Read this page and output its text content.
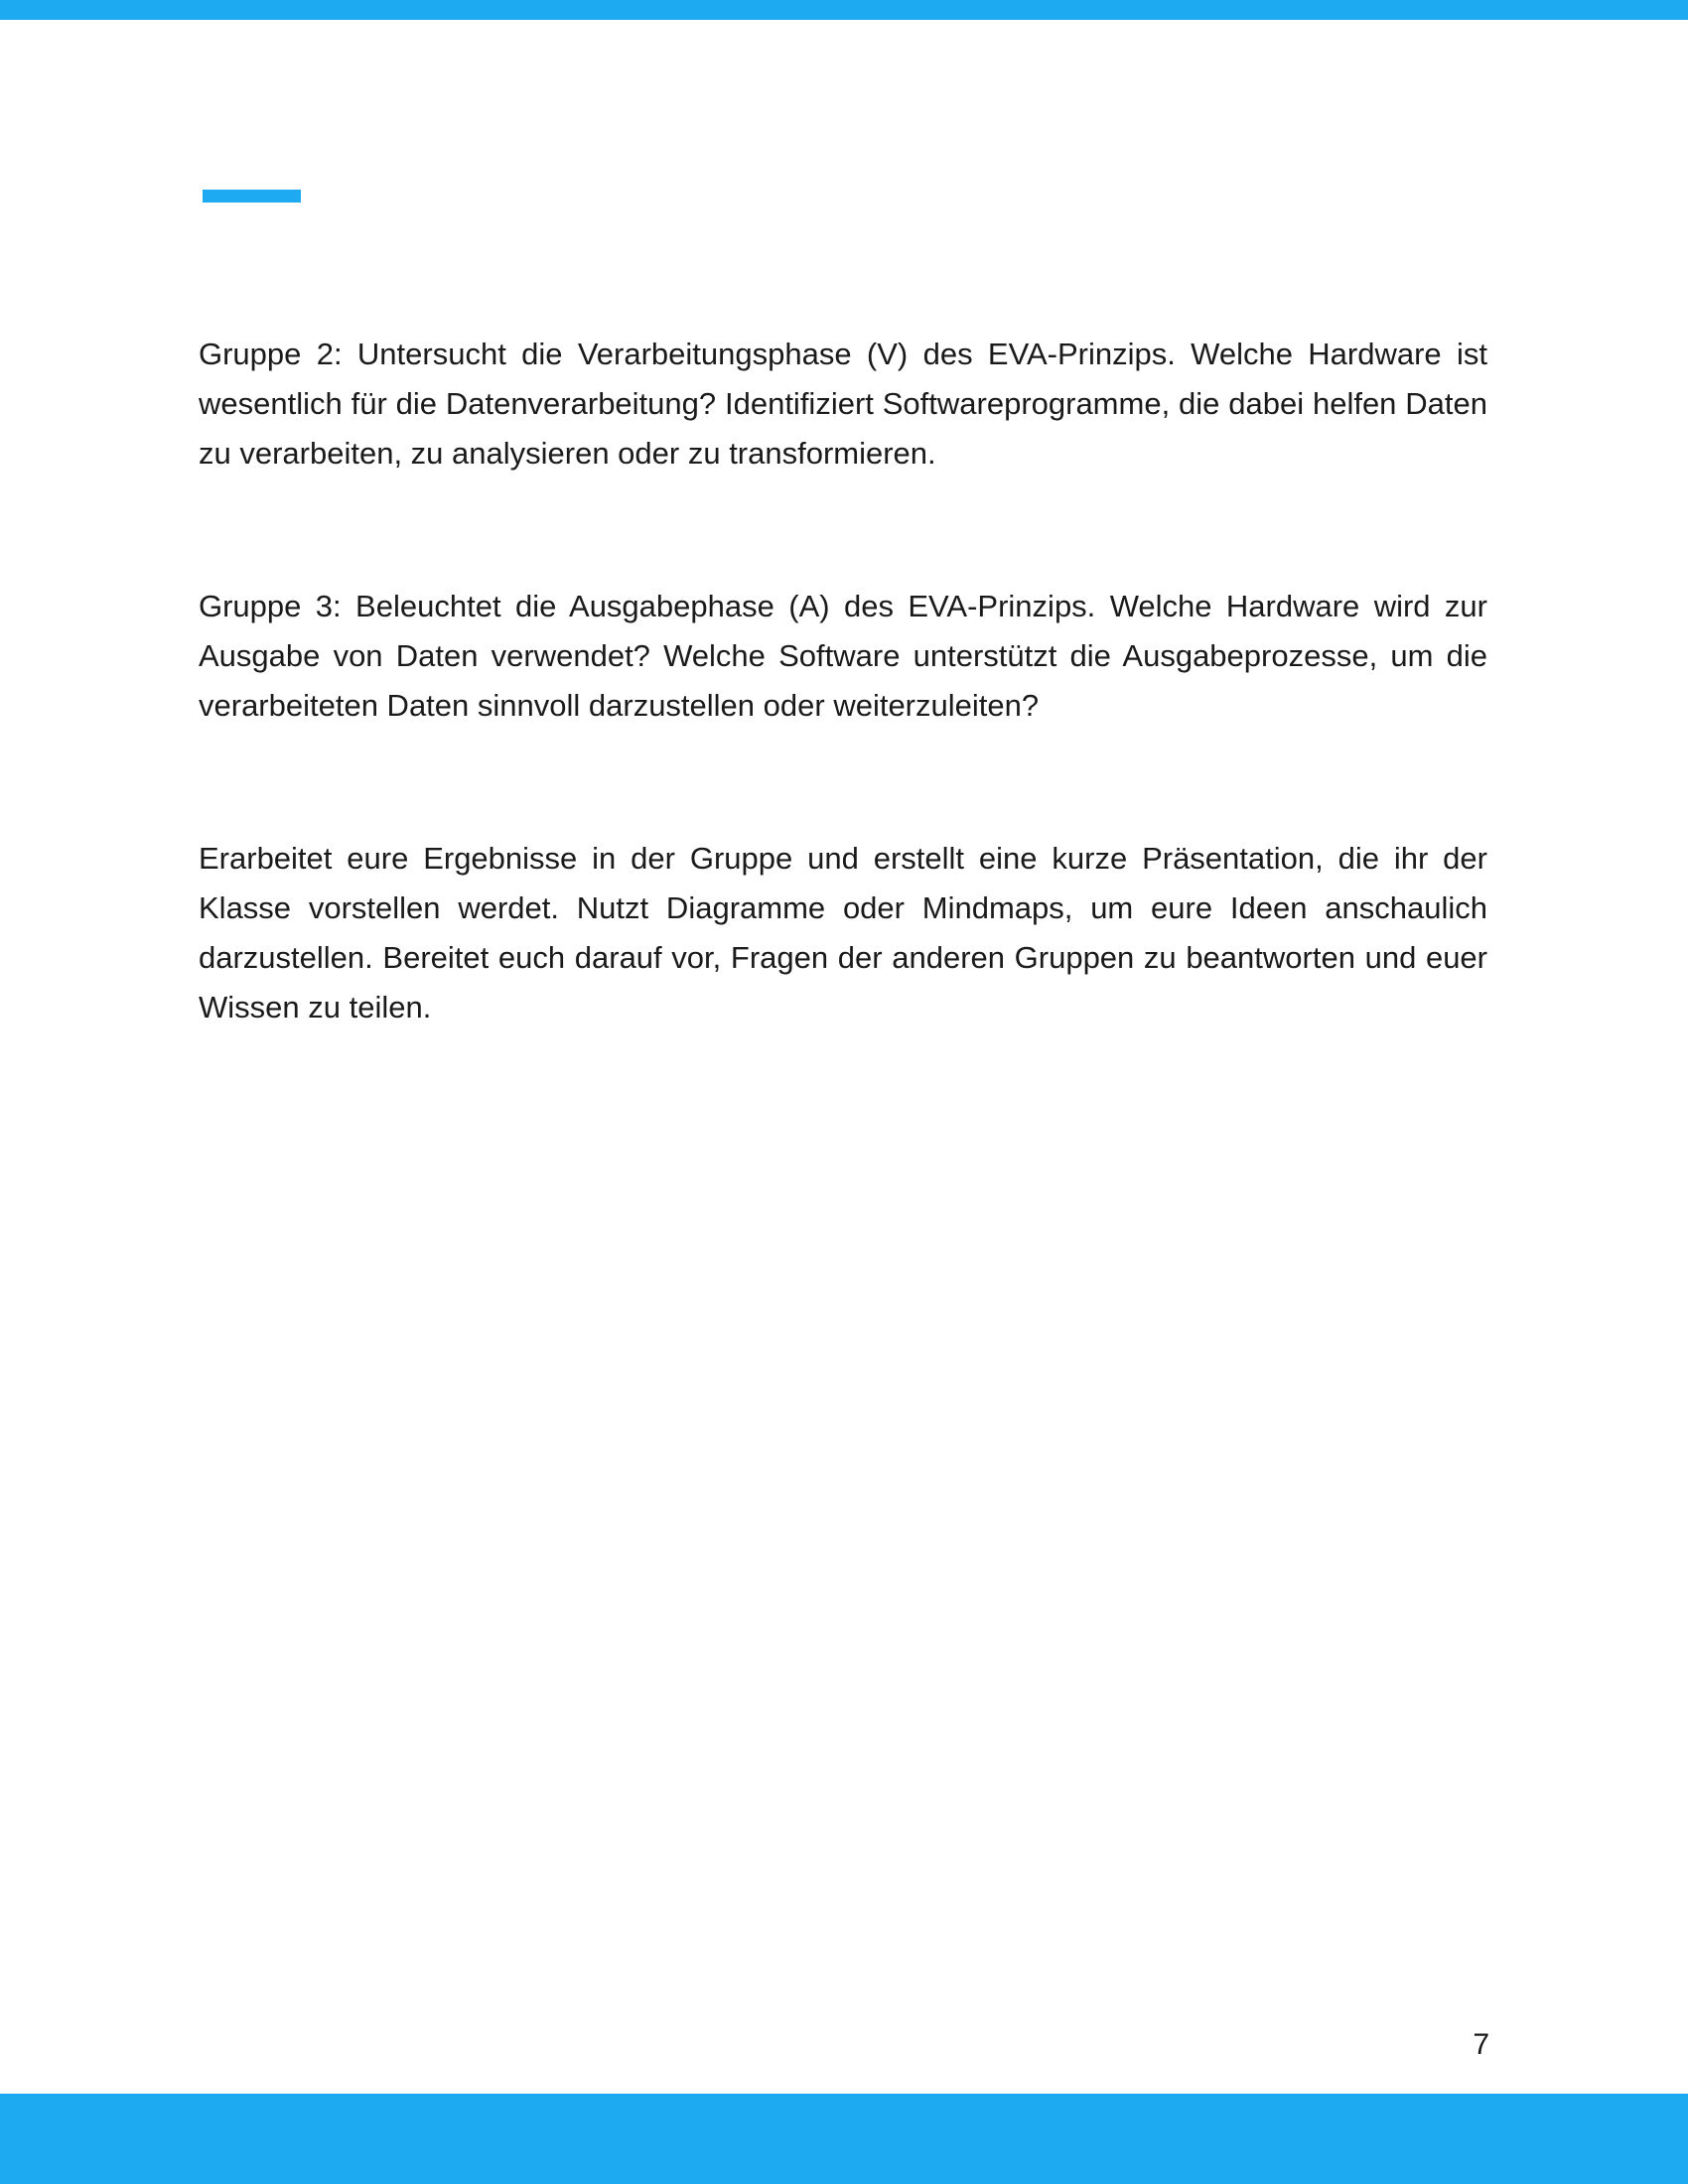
Gruppe 2: Untersucht die Verarbeitungsphase (V) des EVA-Prinzips. Welche Hardware ist wesentlich für die Datenverarbeitung? Identifiziert Softwareprogramme, die dabei helfen Daten zu verarbeiten, zu analysieren oder zu transformieren.

Gruppe 3: Beleuchtet die Ausgabephase (A) des EVA-Prinzips. Welche Hardware wird zur Ausgabe von Daten verwendet? Welche Software unterstützt die Ausgabeprozesse, um die verarbeiteten Daten sinnvoll darzustellen oder weiterzuleiten?

Erarbeitet eure Ergebnisse in der Gruppe und erstellt eine kurze Präsentation, die ihr der Klasse vorstellen werdet. Nutzt Diagramme oder Mindmaps, um eure Ideen anschaulich darzustellen. Bereitet euch darauf vor, Fragen der anderen Gruppen zu beantworten und euer Wissen zu teilen.

7
